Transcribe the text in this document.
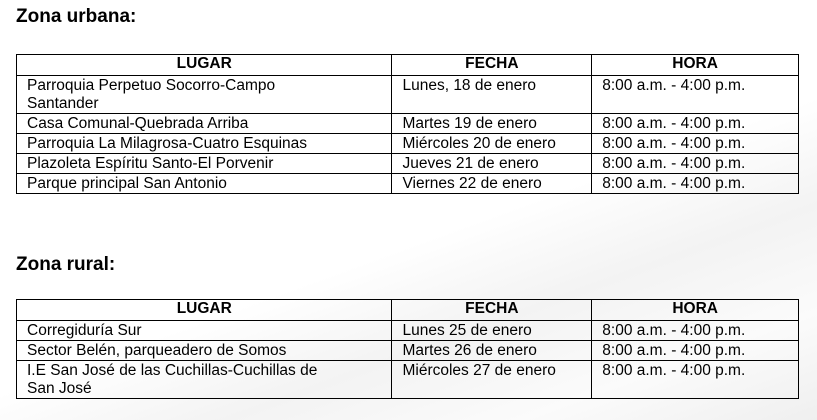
Zona urbana:
LUGAR	FECHA	HORA
Parroquia Perpetuo Socorro-Campo
Santander	Lunes, 18 de enero	8:00 a.m. - 4:00 p.m.
Casa Comunal-Quebrada Arriba	Martes 19 de enero	8:00 a.m. - 4:00 p.m.
Parroquia La Milagrosa-Cuatro Esquinas	Miércoles 20 de enero	8:00 a.m. - 4:00 p.m.
Plazoleta Espíritu Santo-El Porvenir	Jueves 21 de enero	8:00 a.m. - 4:00 p.m.
Parque principal San Antonio	Viernes 22 de enero	8:00 a.m. - 4:00 p.m.
Zona rural:
LUGAR	FECHA	HORA
Corregiduría Sur	Lunes 25 de enero	8:00 a.m. - 4:00 p.m.
Sector Belén, parqueadero de Somos	Martes 26 de enero	8:00 a.m. - 4:00 p.m.
I.E San José de las Cuchillas-Cuchillas de
San José	Miércoles 27 de enero	8:00 a.m. - 4:00 p.m.
